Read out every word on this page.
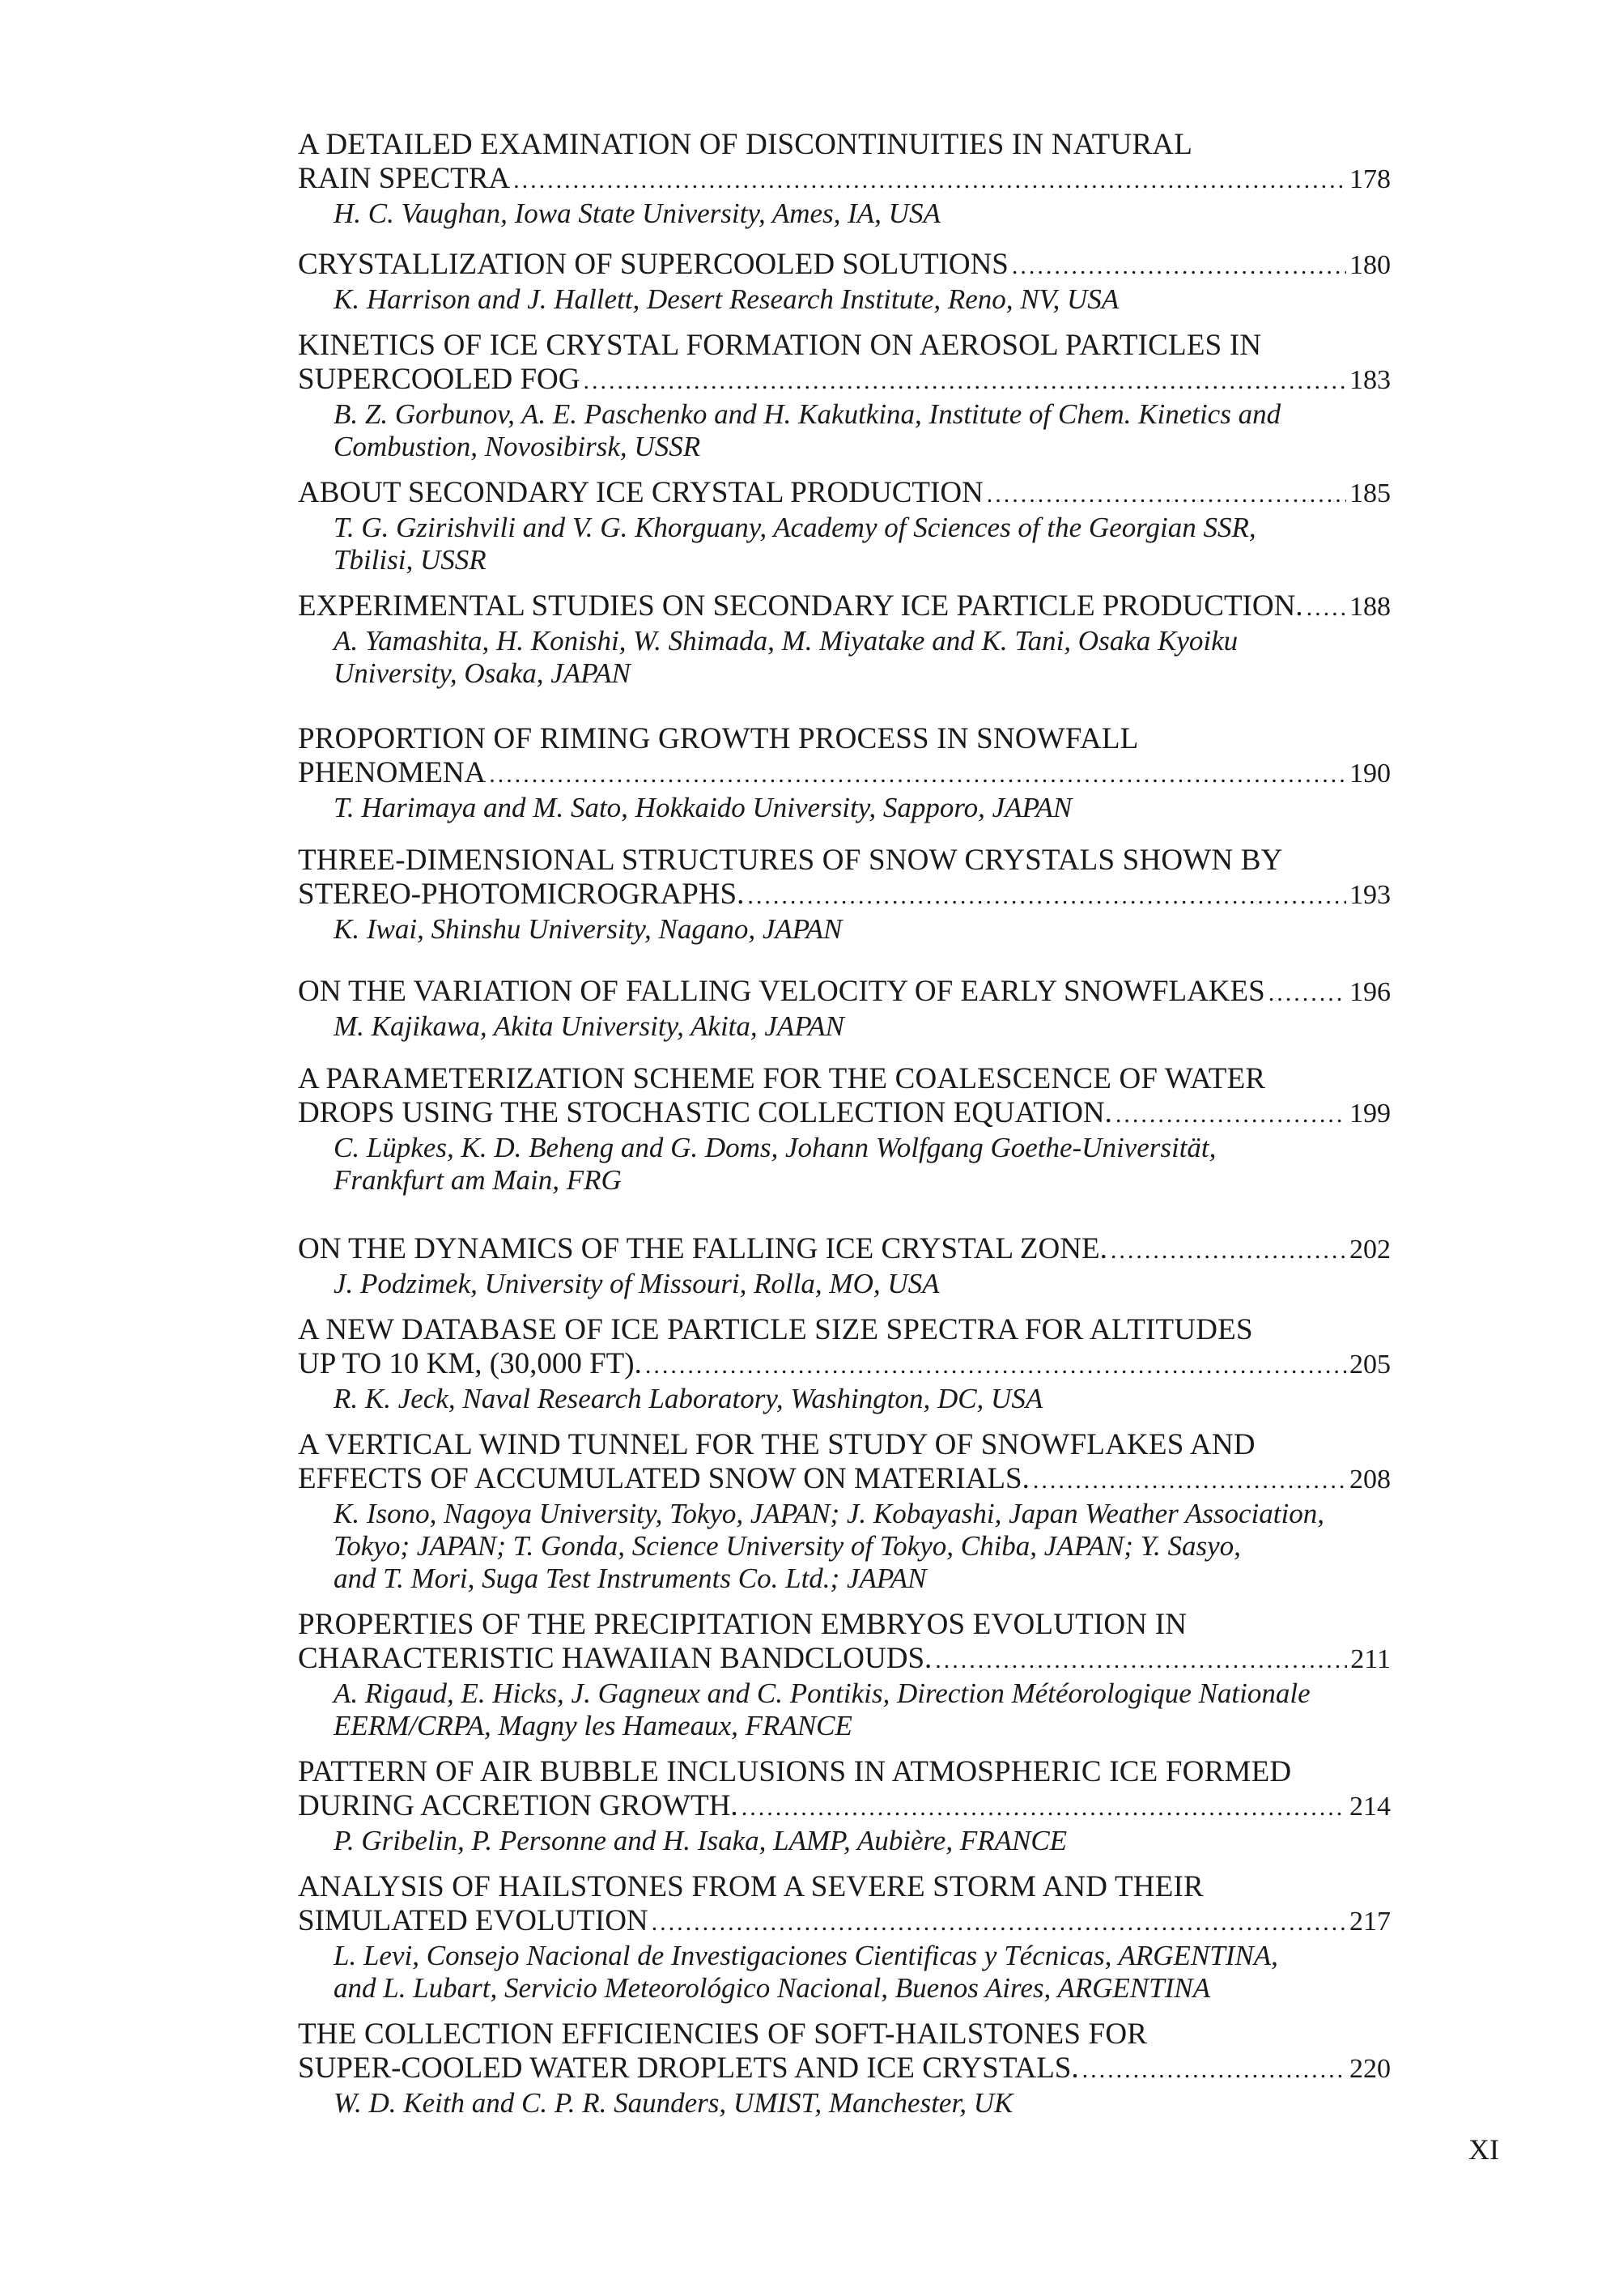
A DETAILED EXAMINATION OF DISCONTINUITIES IN NATURAL
RAIN SPECTRA .....	178
H. C. Vaughan, Iowa State University, Ames, IA, USA
CRYSTALLIZATION OF SUPERCOOLED SOLUTIONS .....	180
K. Harrison and J. Hallett, Desert Research Institute, Reno, NV, USA
KINETICS OF ICE CRYSTAL FORMATION ON AEROSOL PARTICLES IN
SUPERCOOLED FOG .....	183
B. Z. Gorbunov, A. E. Paschenko and H. Kakutkina, Institute of Chem. Kinetics and
Combustion, Novosibirsk, USSR
ABOUT SECONDARY ICE CRYSTAL PRODUCTION .....	185
T. G. Gzirishvili and V. G. Khorguany, Academy of Sciences of the Georgian SSR,
Tbilisi, USSR
EXPERIMENTAL STUDIES ON SECONDARY ICE PARTICLE PRODUCTION. ..... 188
A. Yamashita, H. Konishi, W. Shimada, M. Miyatake and K. Tani, Osaka Kyoiku
University, Osaka, JAPAN
PROPORTION OF RIMING GROWTH PROCESS IN SNOWFALL
PHENOMENA .....	190
T. Harimaya and M. Sato, Hokkaido University, Sapporo, JAPAN
THREE-DIMENSIONAL STRUCTURES OF SNOW CRYSTALS SHOWN BY
STEREO-PHOTOMICROGRAPHS. .....	193
K. Iwai, Shinshu University, Nagano, JAPAN
ON THE VARIATION OF FALLING VELOCITY OF EARLY SNOWFLAKES .....	196
M. Kajikawa, Akita University, Akita, JAPAN
A PARAMETERIZATION SCHEME FOR THE COALESCENCE OF WATER
DROPS USING THE STOCHASTIC COLLECTION EQUATION. .....	199
C. Lüpkes, K. D. Beheng and G. Doms, Johann Wolfgang Goethe-Universität,
Frankfurt am Main, FRG
ON THE DYNAMICS OF THE FALLING ICE CRYSTAL ZONE. .....	202
J. Podzimek, University of Missouri, Rolla, MO, USA
A NEW DATABASE OF ICE PARTICLE SIZE SPECTRA FOR ALTITUDES
UP TO 10 KM, (30,000 FT). .....	205
R. K. Jeck, Naval Research Laboratory, Washington, DC, USA
A VERTICAL WIND TUNNEL FOR THE STUDY OF SNOWFLAKES AND
EFFECTS OF ACCUMULATED SNOW ON MATERIALS. .....	208
K. Isono, Nagoya University, Tokyo, JAPAN; J. Kobayashi, Japan Weather Association,
Tokyo; JAPAN; T. Gonda, Science University of Tokyo, Chiba, JAPAN; Y. Sasyo,
and T. Mori, Suga Test Instruments Co. Ltd.; JAPAN
PROPERTIES OF THE PRECIPITATION EMBRYOS EVOLUTION IN
CHARACTERISTIC HAWAIIAN BANDCLOUDS. .....	211
A. Rigaud, E. Hicks, J. Gagneux and C. Pontikis, Direction Météorologique Nationale
EERM/CRPA, Magny les Hameaux, FRANCE
PATTERN OF AIR BUBBLE INCLUSIONS IN ATMOSPHERIC ICE FORMED
DURING ACCRETION GROWTH. .....	214
P. Gribelin, P. Personne and H. Isaka, LAMP, Aubière, FRANCE
ANALYSIS OF HAILSTONES FROM A SEVERE STORM AND THEIR
SIMULATED EVOLUTION .....	217
L. Levi, Consejo Nacional de Investigaciones Cientificas y Técnicas, ARGENTINA,
and L. Lubart, Servicio Meteorológico Nacional, Buenos Aires, ARGENTINA
THE COLLECTION EFFICIENCIES OF SOFT-HAILSTONES FOR
SUPER-COOLED WATER DROPLETS AND ICE CRYSTALS. .....	220
W. D. Keith and C. P. R. Saunders, UMIST, Manchester, UK
XI
